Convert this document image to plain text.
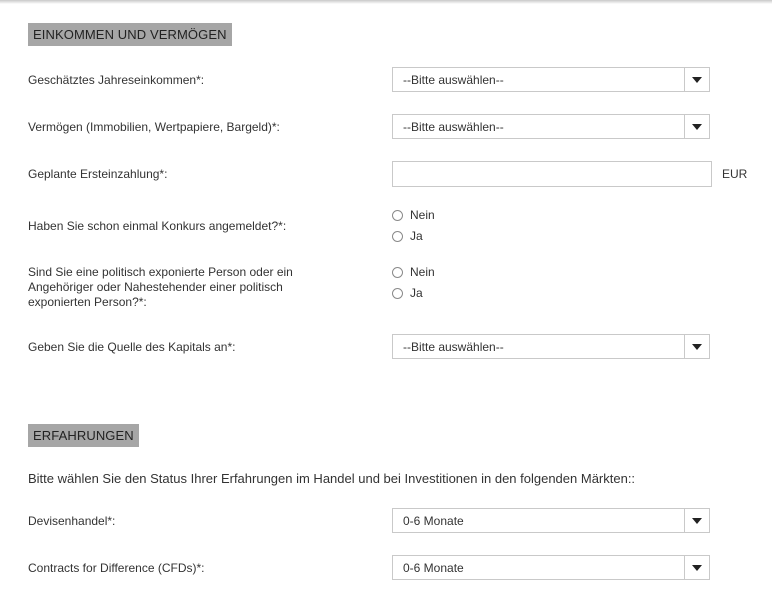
EINKOMMEN UND VERMÖGEN
Geschätztes Jahreseinkommen*:	--Bitte auswählen--
Vermögen (Immobilien, Wertpapiere, Bargeld)*:	--Bitte auswählen--
Geplante Ersteinzahlung*:	EUR
Haben Sie schon einmal Konkurs angemeldet?*:
Nein
Ja
Sind Sie eine politisch exponierte Person oder ein
Angehöriger oder Nahestehender einer politisch
exponierten Person?*:
Nein
Ja
Geben Sie die Quelle des Kapitals an*:	--Bitte auswählen--
ERFAHRUNGEN
Bitte wählen Sie den Status Ihrer Erfahrungen im Handel und bei Investitionen in den folgenden Märkten::
Devisenhandel*:	0-6 Monate
Contracts for Difference (CFDs)*:	0-6 Monate
